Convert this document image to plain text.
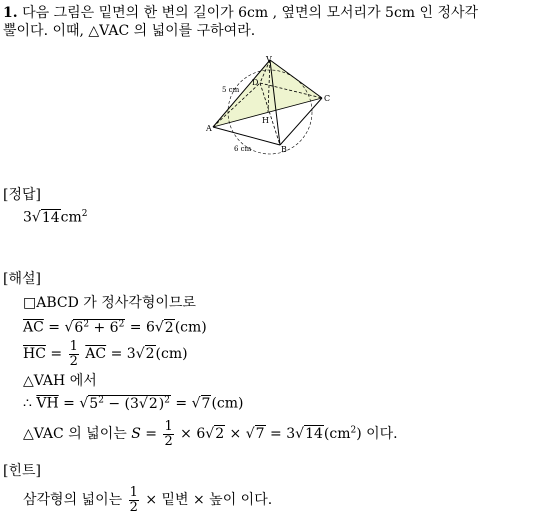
1. 다음 그림은 밑면의 한 변의 길이가 6cm , 옆면의 모서리가 5cm 인 정사각
뿔이다. 이때, △VAC 의 넓이를 구하여라.
V
D
C
H
A
B
5 cm
6 cm
[정답]
$3√14cm^2$
[해설]
□ABCD 가 정사각형이므로
$\overline{AC} = √6^2 + 6^2 = 6√2(cm)$
$\overline{HC} = \frac{1}{2} \overline{AC} = 3√2(cm)$
△VAH 에서
∴ $\overline{VH} = √5^2 - (3√2)^2 = √7(cm)$
△VAC 의 넓이는 $S = \frac{1}{2} \times 6√2 \times √7 = 3√14(cm^2)$ 이다.
[힌트]
삼각형의 넓이는 $\frac{1}{2}$ × 밑변 × 높이 이다.
